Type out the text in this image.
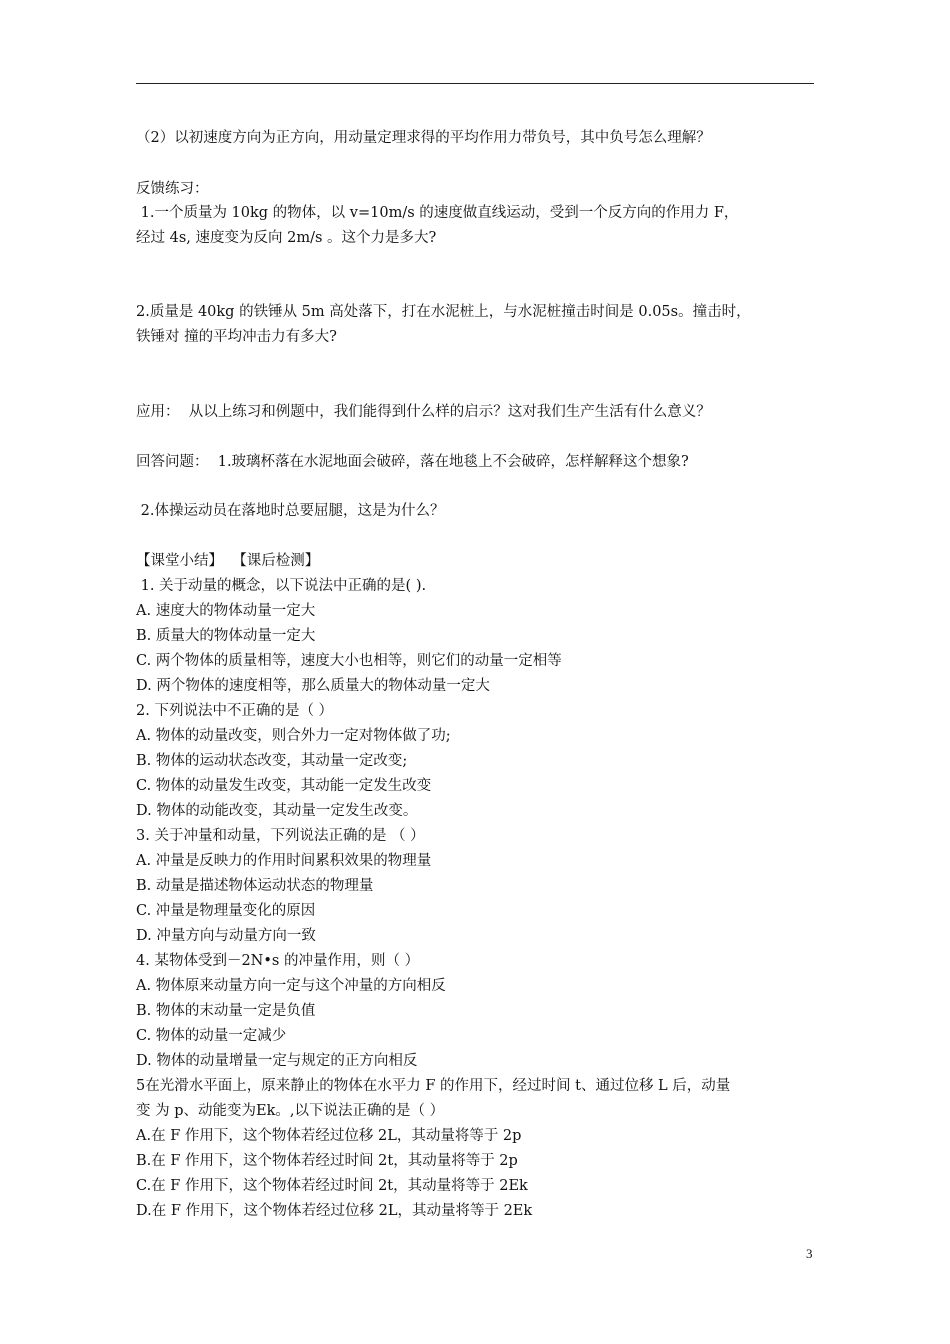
（2）以初速度方向为正方向，用动量定理求得的平均作用力带负号，其中负号怎么理解？
反馈练习：
1.一个质量为 10kg 的物体，以 v=10m/s 的速度做直线运动，受到一个反方向的作用力 F，
经过 4s, 速度变为反向 2m/s 。这个力是多大?
2.质量是 40kg 的铁锤从 5m 高处落下，打在水泥桩上，与水泥桩撞击时间是 0.05s。撞击时，
铁锤对 撞的平均冲击力有多大?
应用：  从以上练习和例题中，我们能得到什么样的启示？这对我们生产生活有什么意义？
回答问题：  1.玻璃杯落在水泥地面会破碎，落在地毯上不会破碎，怎样解释这个想象?
2.体操运动员在落地时总要屈腿，这是为什么？
【课堂小结】  【课后检测】
1. 关于动量的概念，以下说法中正确的是( ).
A. 速度大的物体动量一定大
B. 质量大的物体动量一定大
C. 两个物体的质量相等，速度大小也相等，则它们的动量一定相等
D. 两个物体的速度相等，那么质量大的物体动量一定大
2. 下列说法中不正确的是（ ）
A. 物体的动量改变，则合外力一定对物体做了功;
B. 物体的运动状态改变，其动量一定改变;
C. 物体的动量发生改变，其动能一定发生改变
D. 物体的动能改变，其动量一定发生改变。
3. 关于冲量和动量，下列说法正确的是 （ ）
A. 冲量是反映力的作用时间累积效果的物理量
B. 动量是描述物体运动状态的物理量
C. 冲量是物理量变化的原因
D. 冲量方向与动量方向一致
4. 某物体受到－2N•s 的冲量作用，则（ ）
A. 物体原来动量方向一定与这个冲量的方向相反
B. 物体的末动量一定是负值
C. 物体的动量一定减少
D. 物体的动量增量一定与规定的正方向相反
5在光滑水平面上，原来静止的物体在水平力 F 的作用下，经过时间 t、通过位移 L 后，动量
变 为 p、动能变为Ek。,以下说法正确的是（ ）
A.在 F 作用下，这个物体若经过位移 2L，其动量将等于 2p
B.在 F 作用下，这个物体若经过时间 2t，其动量将等于 2p
C.在 F 作用下，这个物体若经过时间 2t，其动量将等于 2Ek
D.在 F 作用下，这个物体若经过位移 2L，其动量将等于 2Ek
3
